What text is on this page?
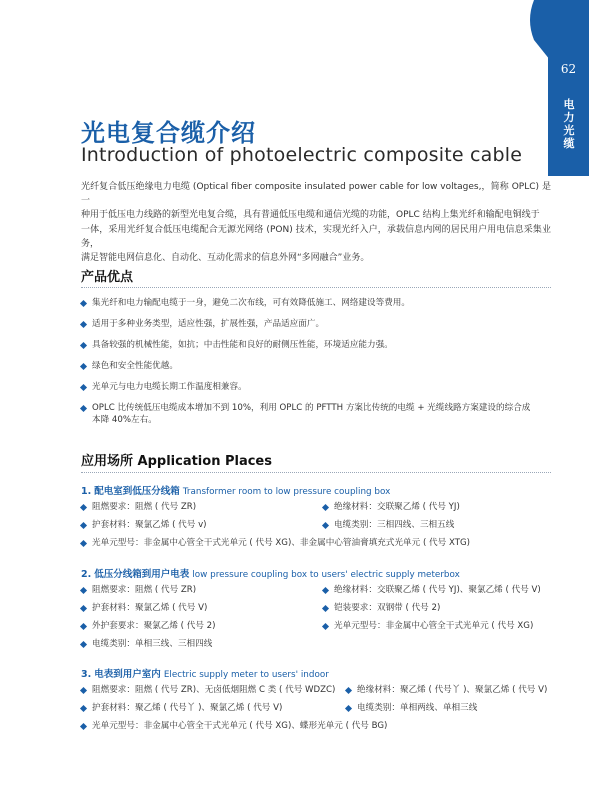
62
电力光缆
光电复合缆介绍
Introduction of photoelectric composite cable
光纤复合低压绝缘电力电缆 (Optical fiber composite insulated power cable for low voltages,，简称 OPLC) 是一
种用于低压电力线路的新型光电复合缆，具有普通低压电缆和通信光缆的功能，OPLC 结构上集光纤和输配电铜线于
一体，采用光纤复合低压电缆配合无源光网络 (PON) 技术，实现光纤入户，承载信息内网的居民用户用电信息采集业务，
满足智能电网信息化、自动化、互动化需求的信息外网“多网融合”业务。
产品优点
集光纤和电力输配电缆于一身，避免二次布线，可有效降低施工、网络建设等费用。
适用于多种业务类型，适应性强，扩展性强，产品适应面广。
具备较强的机械性能，如抗；中击性能和良好的耐侧压性能，环境适应能力强。
绿色和安全性能优越。
光单元与电力电缆长期工作温度相兼容。
OPLC 比传统低压电缆成本增加不到 10%，利用 OPLC 的 PFTTH 方案比传统的电缆 + 光缆线路方案建设的综合成
本降 40%左右。
应用场所 Application Places
1. 配电室到低压分线箱 Transformer room to low pressure coupling box
阻燃要求：阻燃 ( 代号 ZR)	绝缘材料：交联聚乙烯 ( 代号 YJ)
护套材料：聚氯乙烯 ( 代号 v)	电缆类别：三相四线、三相五线
光单元型号：非金属中心管全干式光单元 ( 代号 XG)、非金属中心管油膏填充式光单元 ( 代号 XTG)
2. 低压分线箱到用户电表 low pressure coupling box to users' electric supply meterbox
阻燃要求：阻燃 ( 代号 ZR)	绝缘材料：交联聚乙烯 ( 代号 YJ)、聚氯乙烯 ( 代号 V)
护套材料：聚氯乙烯 ( 代号 V)	铠装要求：双钢带 ( 代号 2)
外护套要求：聚氯乙烯 ( 代号 2)	光单元型号：非金属中心管全干式光单元 ( 代号 XG)
电缆类别：单相三线、三相四线
3. 电表到用户室内 Electric supply meter to users' indoor
阻燃要求：阻燃 ( 代号 ZR)、无卤低烟阻燃 C 类 ( 代号 WDZC)	绝缘材料：聚乙烯 ( 代号丫 )、聚氯乙烯 ( 代号 V)
护套材料：聚乙烯 ( 代号丫 )、聚氯乙烯 ( 代号 V)	电缆类别：单相两线、单相三线
光单元型号：非金属中心管全干式光单元 ( 代号 XG)、蝶形光单元 ( 代号 BG)
